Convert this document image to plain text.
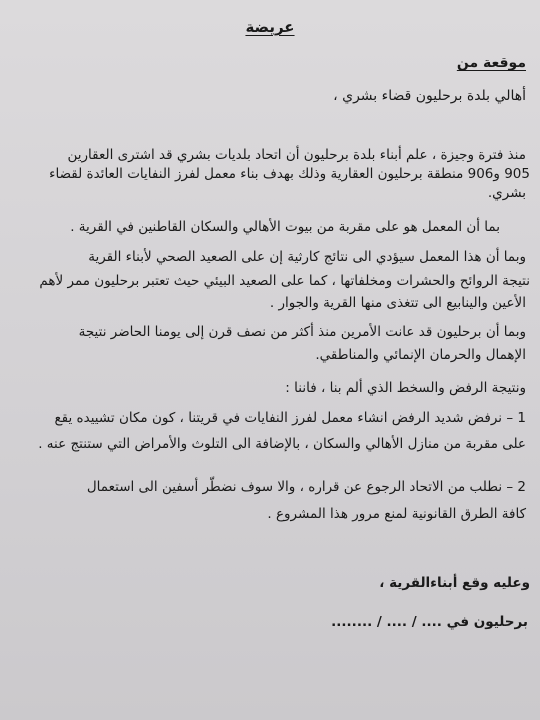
عريضة

موقعة من

أهالي بلدة برحليون قضاء بشري ،

منذ فترة وجيزة ، علم أبناء بلدة برحليون أن اتحاد بلديات بشري قد اشترى العقارين

905 و906 منطقة برحليون العقارية وذلك بهدف بناء معمل لفرز النفايات العائدة لقضاء

بشري.

بما أن المعمل هو على مقربة من بيوت الأهالي والسكان القاطنين في القرية .

وبما أن هذا المعمل سيؤدي الى نتائج كارثية إن على الصعيد الصحي لأبناء القرية

نتيجة الروائح والحشرات ومخلفاتها ، كما على الصعيد البيئي حيث تعتبر برحليون ممر لأهم

الأعين والينابيع الى تتغذى منها القرية والجوار .

وبما أن برحليون قد عانت الأمرين منذ أكثر من نصف قرن إلى يومنا الحاضر نتيجة

الإهمال والحرمان الإنمائي والمناطقي.

ونتيجة الرفض والسخط الذي ألم بنا ، فاننا :

1 – نرفض شديد الرفض انشاء معمل لفرز النفايات في قريتنا ، كون مكان تشييده يقع

على مقربة من منازل الأهالي والسكان ، بالإضافة الى التلوث والأمراض التي ستنتج عنه .

2 – نطلب من الاتحاد الرجوع عن قراره ، والا سوف نضطّر أسفين الى استعمال

كافة الطرق القانونية لمنع مرور هذا المشروع .

وعليه وقع أبناءالقرية ،

برحليون في .... / .... / ........
